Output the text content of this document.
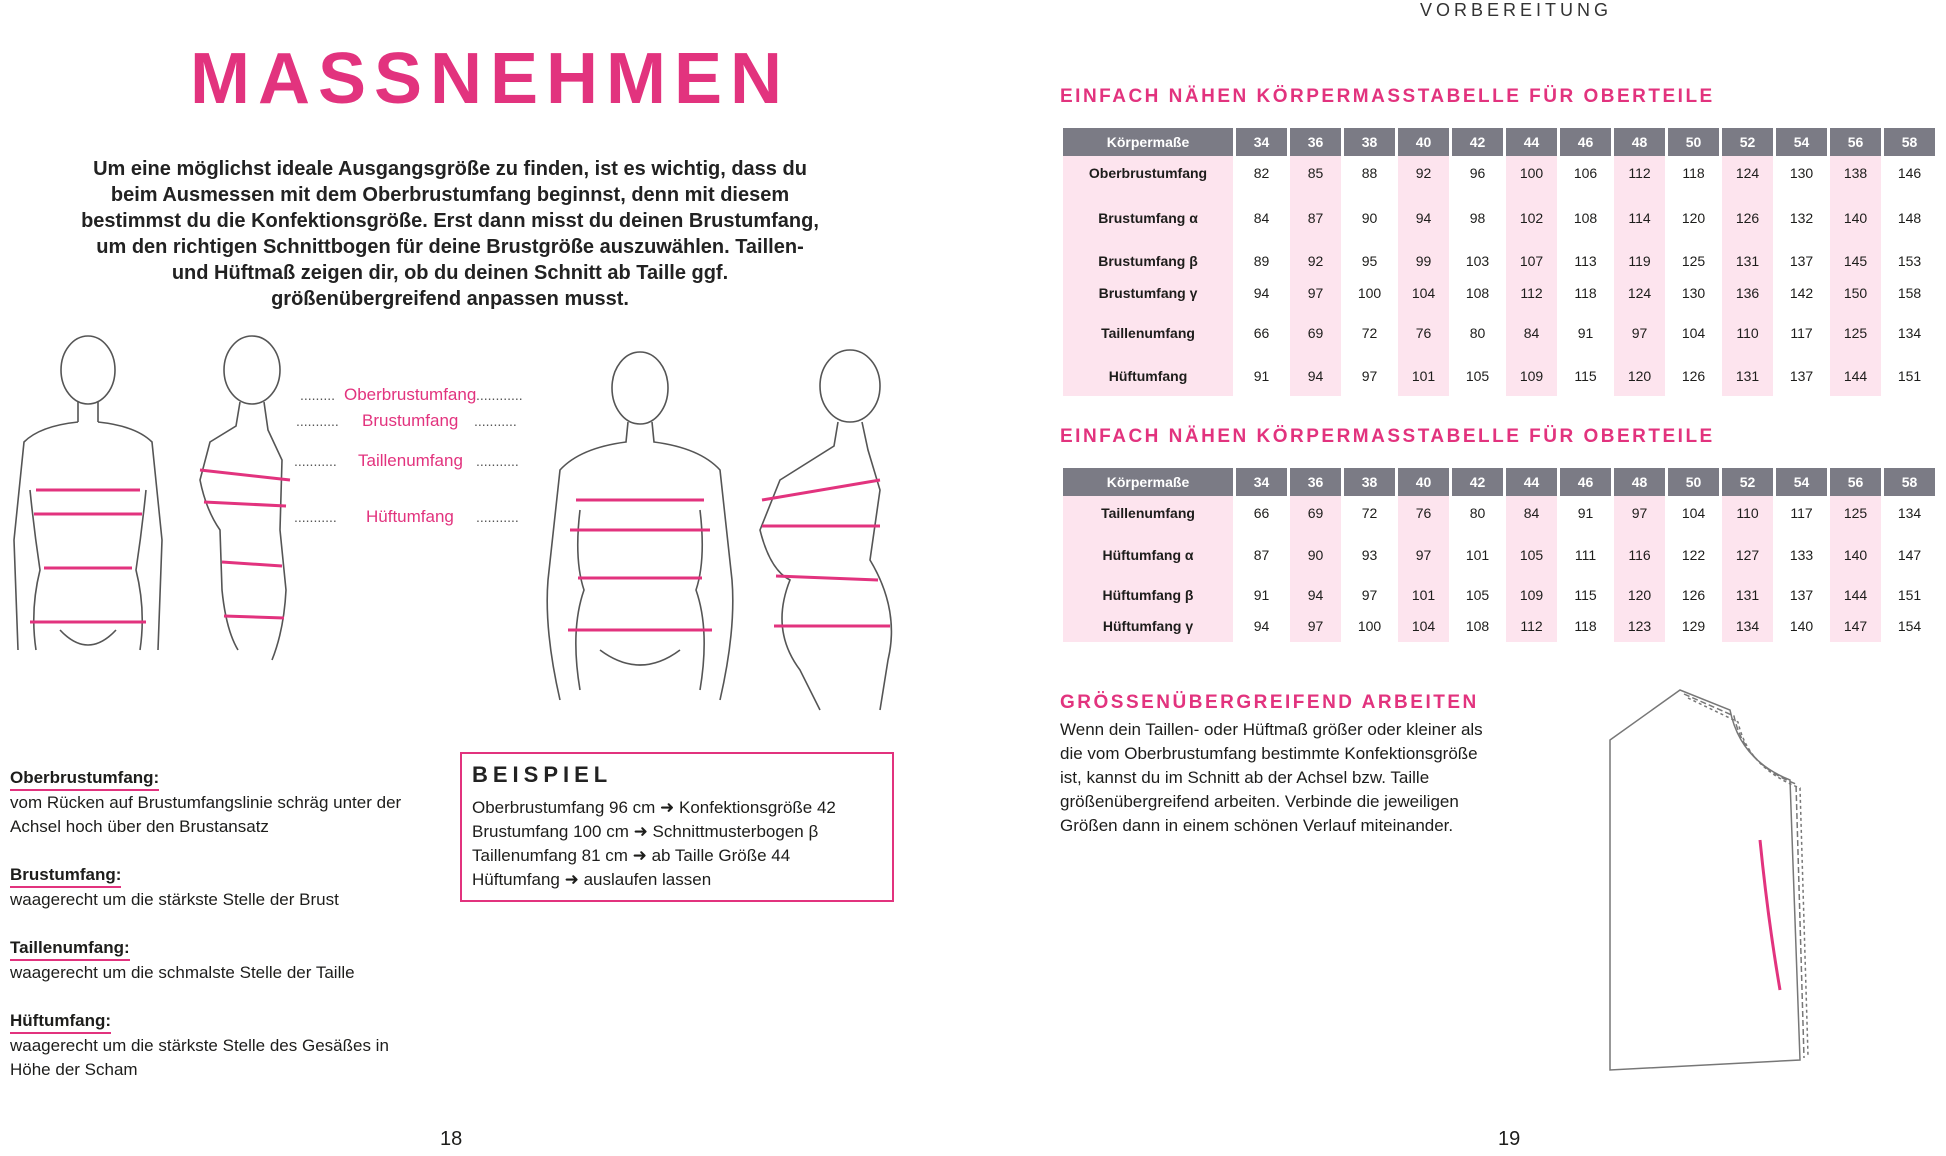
VORBEREITUNG
MASSNEHMEN
Um eine möglichst ideale Ausgangsgröße zu finden, ist es wichtig, dass du beim Ausmessen mit dem Oberbrustumfang beginnst, denn mit diesem bestimmst du die Konfektionsgröße. Erst dann misst du deinen Brustumfang, um den richtigen Schnittbogen für deine Brustgröße auszuwählen. Taillen- und Hüftmaß zeigen dir, ob du deinen Schnitt ab Taille ggf. größenübergreifend anpassen musst.
......... Oberbrustumfang ............
........... Brustumfang ...........
........... Taillenumfang ...........
........... Hüftumfang ...........
Oberbrustumfang:
vom Rücken auf Brustumfangslinie schräg unter der Achsel hoch über den Brustansatz
Brustumfang:
waagerecht um die stärkste Stelle der Brust
Taillenumfang:
waagerecht um die schmalste Stelle der Taille
Hüftumfang:
waagerecht um die stärkste Stelle des Gesäßes in Höhe der Scham
BEISPIEL
Oberbrustumfang 96 cm ➜ Konfektionsgröße 42
Brustumfang 100 cm ➜ Schnittmusterbogen β
Taillenumfang 81 cm ➜ ab Taille Größe 44
Hüftumfang ➜ auslaufen lassen
18	19
EINFACH NÄHEN KÖRPERMASSTABELLE FÜR OBERTEILE
Körpermaße	34	36	38	40	42	44	46	48	50	52	54	56	58
Oberbrustumfang	82	85	88	92	96	100	106	112	118	124	130	138	146
Brustumfang α	84	87	90	94	98	102	108	114	120	126	132	140	148
Brustumfang β	89	92	95	99	103	107	113	119	125	131	137	145	153
Brustumfang γ	94	97	100	104	108	112	118	124	130	136	142	150	158
Taillenumfang	66	69	72	76	80	84	91	97	104	110	117	125	134
Hüftumfang	91	94	97	101	105	109	115	120	126	131	137	144	151
EINFACH NÄHEN KÖRPERMASSTABELLE FÜR OBERTEILE
Körpermaße	34	36	38	40	42	44	46	48	50	52	54	56	58
Taillenumfang	66	69	72	76	80	84	91	97	104	110	117	125	134
Hüftumfang α	87	90	93	97	101	105	111	116	122	127	133	140	147
Hüftumfang β	91	94	97	101	105	109	115	120	126	131	137	144	151
Hüftumfang γ	94	97	100	104	108	112	118	123	129	134	140	147	154
GRÖSSENÜBERGREIFEND ARBEITEN
Wenn dein Taillen- oder Hüftmaß größer oder kleiner als die vom Oberbrustumfang bestimmte Konfektionsgröße ist, kannst du im Schnitt ab der Achsel bzw. Taille größenübergreifend arbeiten. Verbinde die jeweiligen Größen dann in einem schönen Verlauf miteinander.
